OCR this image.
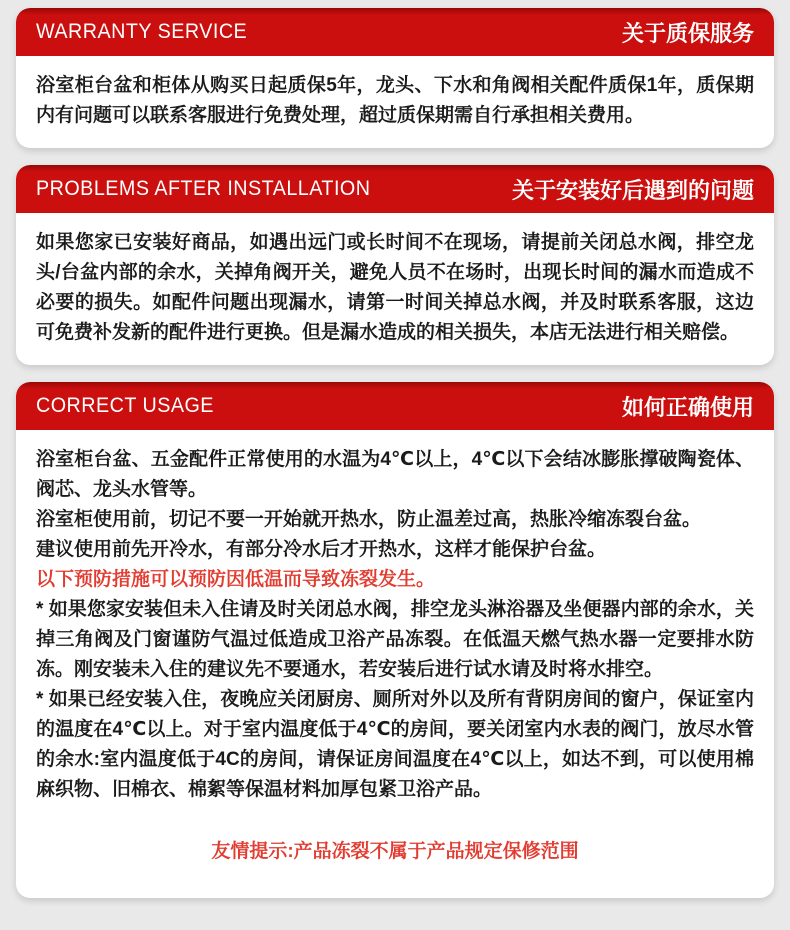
WARRANTY SERVICE	关于质保服务

浴室柜台盆和柜体从购买日起质保5年，龙头、下水和角阀相关配件质保1年，质保期内有问题可以联系客服进行免费处理，超过质保期需自行承担相关费用。

PROBLEMS AFTER INSTALLATION	关于安装好后遇到的问题

如果您家已安装好商品，如遇出远门或长时间不在现场，请提前关闭总水阀，排空龙头/台盆内部的余水，关掉角阀开关，避免人员不在场时，出现长时间的漏水而造成不必要的损失。如配件问题出现漏水，请第一时间关掉总水阀，并及时联系客服，这边可免费补发新的配件进行更换。但是漏水造成的相关损失，本店无法进行相关赔偿。

CORRECT USAGE	如何正确使用

浴室柜台盆、五金配件正常使用的水温为4℃以上，4℃以下会结冰膨胀撑破陶瓷体、阀芯、龙头水管等。

浴室柜使用前，切记不要一开始就开热水，防止温差过高，热胀冷缩冻裂台盆。

建议使用前先开冷水，有部分冷水后才开热水，这样才能保护台盆。

以下预防措施可以预防因低温而导致冻裂发生。

* 如果您家安装但未入住请及时关闭总水阀，排空龙头淋浴器及坐便器内部的余水，关掉三角阀及门窗谨防气温过低造成卫浴产品冻裂。在低温天燃气热水器一定要排水防冻。刚安装未入住的建议先不要通水，若安装后进行试水请及时将水排空。

* 如果已经安装入住，夜晚应关闭厨房、厕所对外以及所有背阴房间的窗户，保证室内的温度在4℃以上。对于室内温度低于4℃的房间，要关闭室内水表的阀门，放尽水管的余水:室内温度低于4C的房间，请保证房间温度在4℃以上，如达不到，可以使用棉麻织物、旧棉衣、棉絮等保温材料加厚包紧卫浴产品。

友情提示:产品冻裂不属于产品规定保修范围
